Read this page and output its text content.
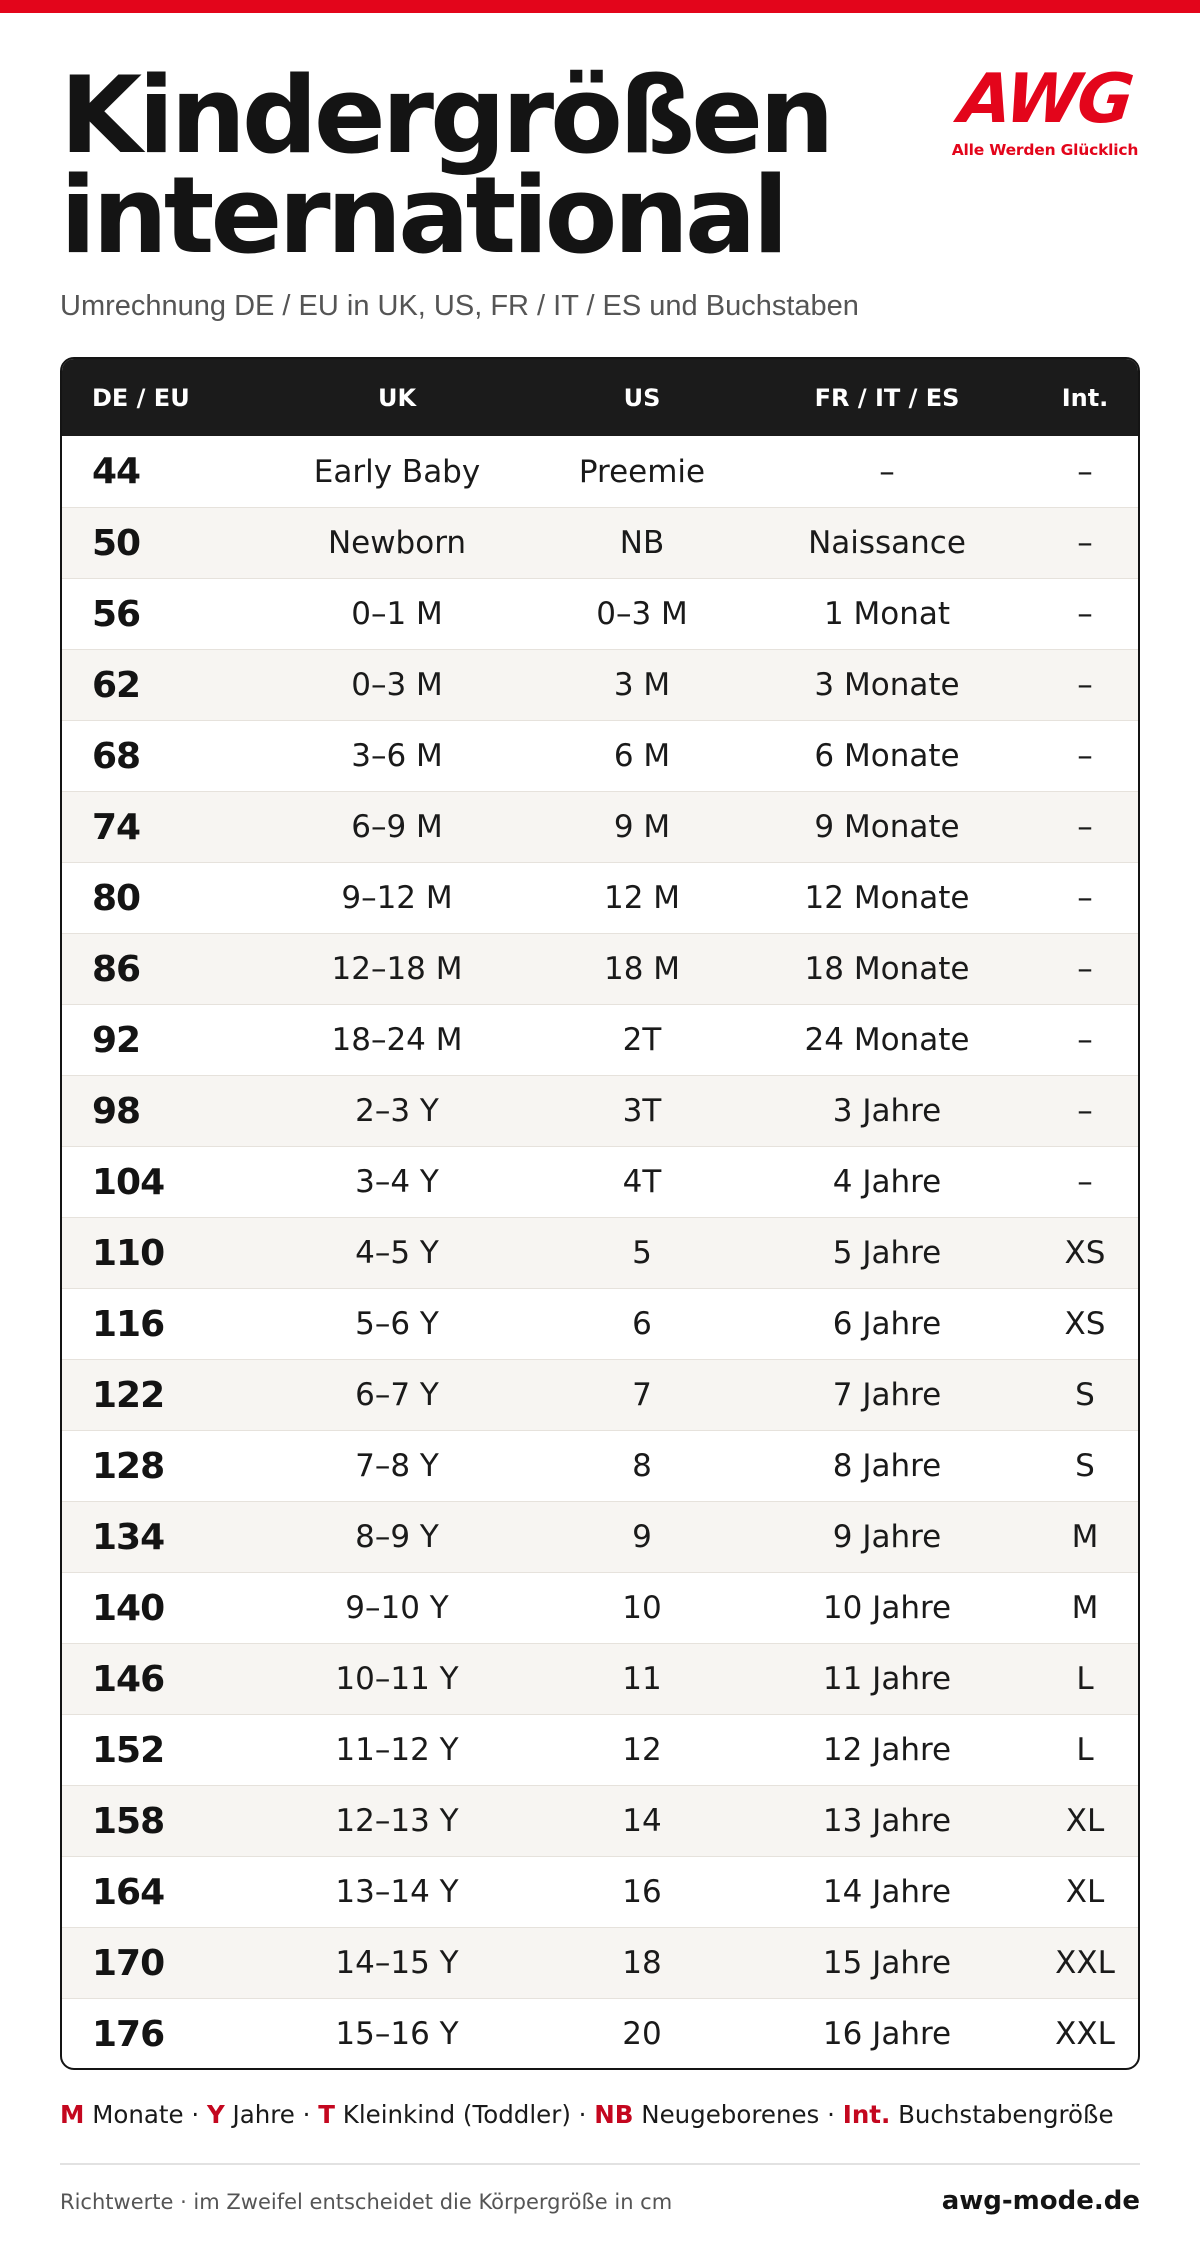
Kindergrößen
international
AWG
Alle Werden Glücklich

Umrechnung DE / EU in UK, US, FR / IT / ES und Buchstaben

DE / EU	UK	US	FR / IT / ES	Int.
44	Early Baby	Preemie	–	–
50	Newborn	NB	Naissance	–
56	0–1 M	0–3 M	1 Monat	–
62	0–3 M	3 M	3 Monate	–
68	3–6 M	6 M	6 Monate	–
74	6–9 M	9 M	9 Monate	–
80	9–12 M	12 M	12 Monate	–
86	12–18 M	18 M	18 Monate	–
92	18–24 M	2T	24 Monate	–
98	2–3 Y	3T	3 Jahre	–
104	3–4 Y	4T	4 Jahre	–
110	4–5 Y	5	5 Jahre	XS
116	5–6 Y	6	6 Jahre	XS
122	6–7 Y	7	7 Jahre	S
128	7–8 Y	8	8 Jahre	S
134	8–9 Y	9	9 Jahre	M
140	9–10 Y	10	10 Jahre	M
146	10–11 Y	11	11 Jahre	L
152	11–12 Y	12	12 Jahre	L
158	12–13 Y	14	13 Jahre	XL
164	13–14 Y	16	14 Jahre	XL
170	14–15 Y	18	15 Jahre	XXL
176	15–16 Y	20	16 Jahre	XXL
M Monate · Y Jahre · T Kleinkind (Toddler) · NB Neugeborenes · Int. Buchstabengröße

Richtwerte · im Zweifel entscheidet die Körpergröße in cm	awg-mode.de
